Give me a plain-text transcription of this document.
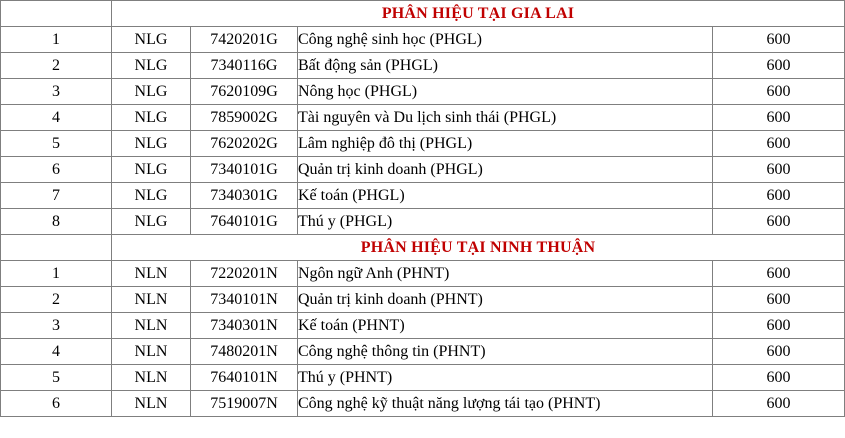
	PHÂN HIỆU TẠI GIA LAI			
1	NLG	7420201G	Công nghệ sinh học (PHGL)	600
2	NLG	7340116G	Bất động sản (PHGL)	600
3	NLG	7620109G	Nông học (PHGL)	600
4	NLG	7859002G	Tài nguyên và Du lịch sinh thái (PHGL)	600
5	NLG	7620202G	Lâm nghiệp đô thị (PHGL)	600
6	NLG	7340101G	Quản trị kinh doanh (PHGL)	600
7	NLG	7340301G	Kế toán (PHGL)	600
8	NLG	7640101G	Thú y (PHGL)	600
	PHÂN HIỆU TẠI NINH THUẬN			
1	NLN	7220201N	Ngôn ngữ Anh (PHNT)	600
2	NLN	7340101N	Quản trị kinh doanh (PHNT)	600
3	NLN	7340301N	Kế toán (PHNT)	600
4	NLN	7480201N	Công nghệ thông tin (PHNT)	600
5	NLN	7640101N	Thú y (PHNT)	600
6	NLN	7519007N	Công nghệ kỹ thuật năng lượng tái tạo (PHNT)	600
